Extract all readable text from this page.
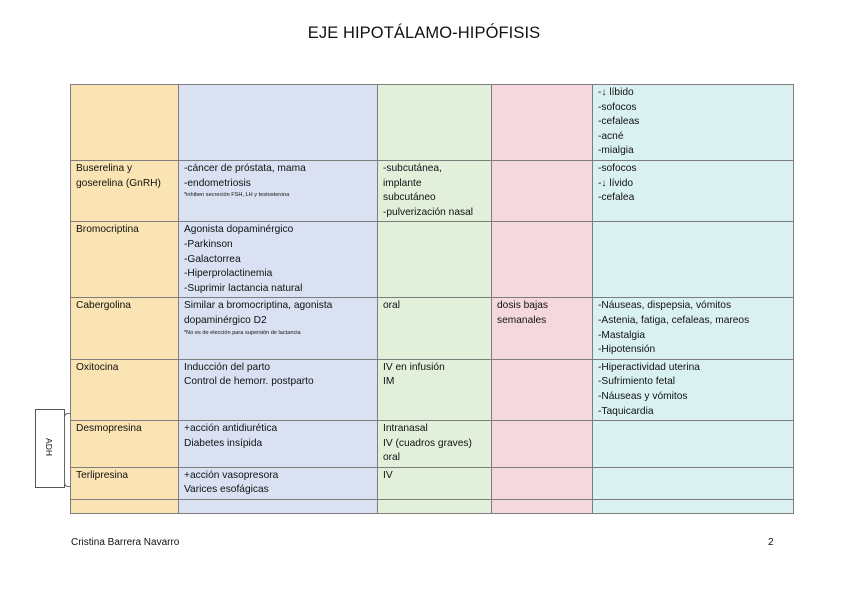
EJE HIPOTÁLAMO-HIPÓFISIS

				-↓ líbido
-sofocos
-cefaleas
-acné
-mialgia

Buserelina y
goserelina (GnRH)	-cáncer de próstata, mama
-endometriosis
*inhiben secreción FSH, LH y testosterona	-subcutánea,
implante
subcutáneo
-pulverización nasal		-sofocos
-↓ lívido
-cefalea

Bromocriptina	Agonista dopaminérgico
-Parkinson
-Galactorrea
-Hiperprolactinemia
-Suprimir lactancia natural			

Cabergolina	Similar a bromocriptina, agonista
dopaminérgico D2
*No es de elección para supersión de lactancia	oral	dosis bajas
semanales	-Náuseas, dispepsia, vómitos
-Astenia, fatiga, cefaleas, mareos
-Mastalgia
-Hipotensión

Oxitocina	Inducción del parto
Control de hemorr. postparto	IV en infusión
IM		-Hiperactividad uterina
-Sufrimiento fetal
-Náuseas y vómitos
-Taquicardia

Desmopresina	+acción antidiurética
Diabetes insípida	Intranasal
IV (cuadros graves)
oral		

Terlipresina	+acción vasopresora
Varices esofágicas	IV		

ADH
Cristina Barrera Navarro	2
